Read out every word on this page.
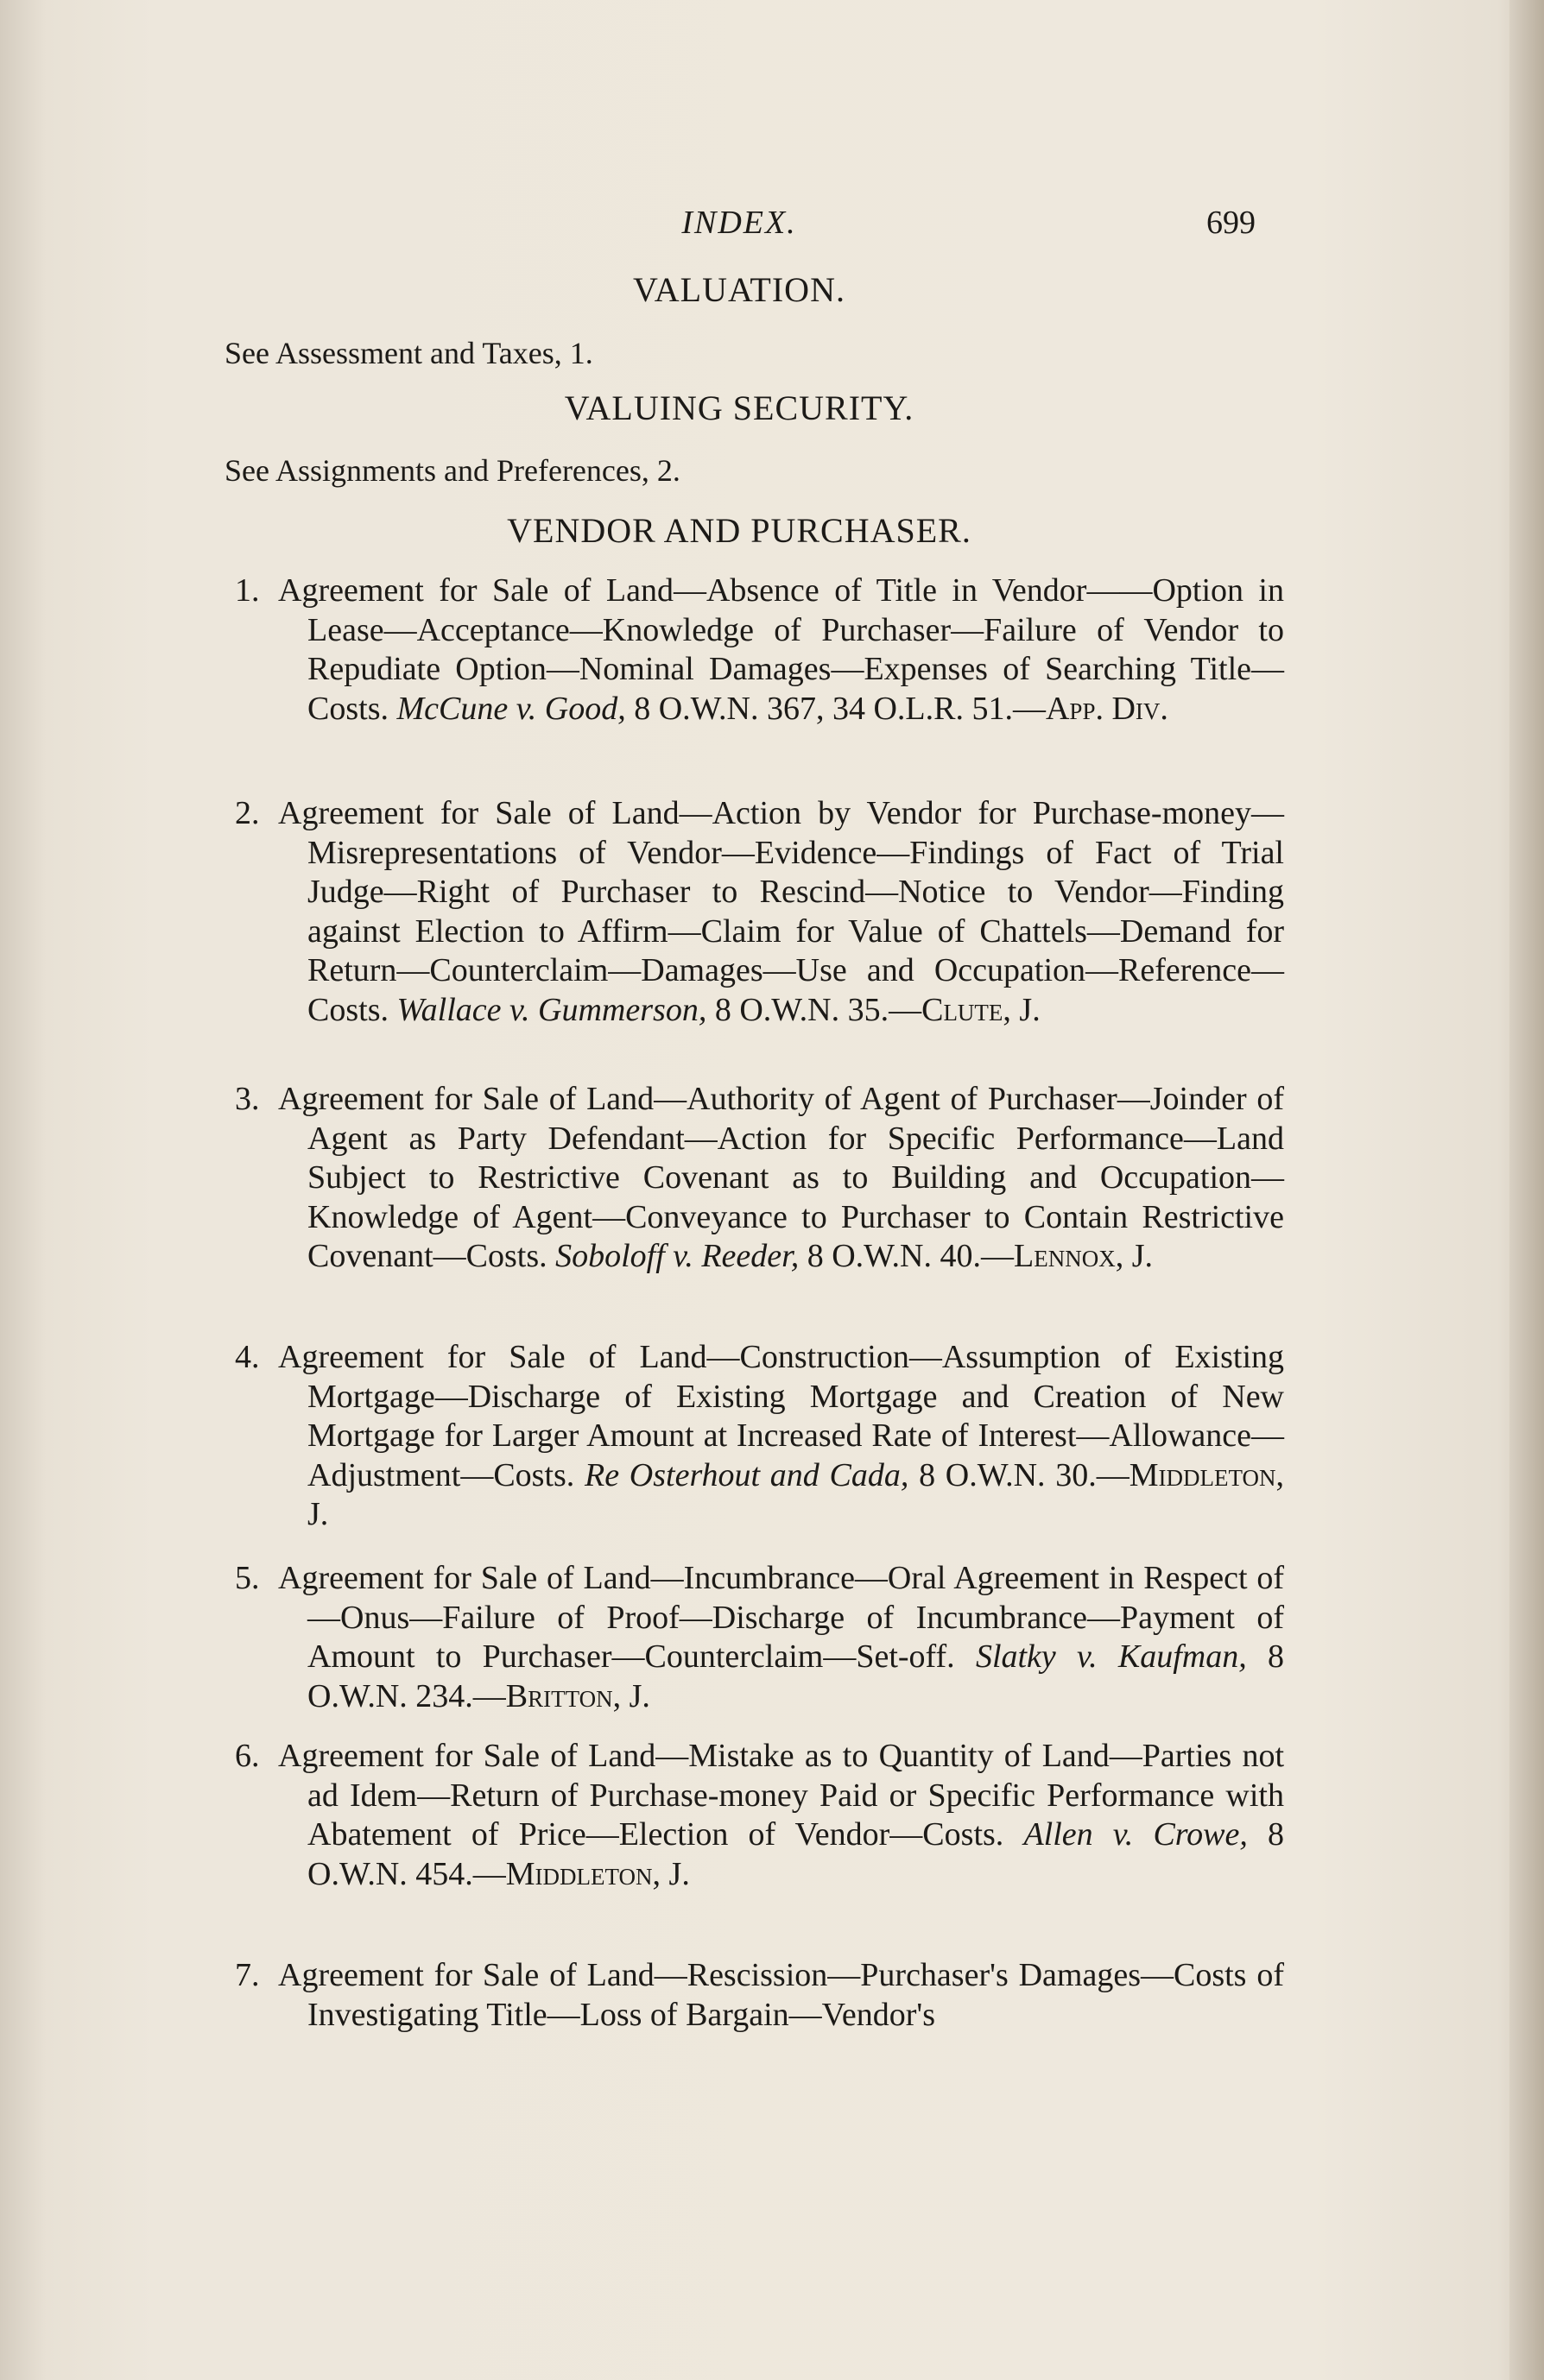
INDEX.	699
VALUATION.
See Assessment and Taxes, 1.
VALUING SECURITY.
See Assignments and Preferences, 2.
VENDOR AND PURCHASER.
1. Agreement for Sale of Land—Absence of Title in Vendor——Option in Lease—Acceptance—Knowledge of Purchaser—Failure of Vendor to Repudiate Option—Nominal Damages—Expenses of Searching Title—Costs. McCune v. Good, 8 O.W.N. 367, 34 O.L.R. 51.—App. Div.
2. Agreement for Sale of Land—Action by Vendor for Purchase-money—Misrepresentations of Vendor—Evidence—Findings of Fact of Trial Judge—Right of Purchaser to Rescind—Notice to Vendor—Finding against Election to Affirm—Claim for Value of Chattels—Demand for Return—Counterclaim—Damages—Use and Occupation—Reference—Costs. Wallace v. Gummerson, 8 O.W.N. 35.—Clute, J.
3. Agreement for Sale of Land—Authority of Agent of Purchaser—Joinder of Agent as Party Defendant—Action for Specific Performance—Land Subject to Restrictive Covenant as to Building and Occupation—Knowledge of Agent—Conveyance to Purchaser to Contain Restrictive Covenant—Costs. Soboloff v. Reeder, 8 O.W.N. 40.—Lennox, J.
4. Agreement for Sale of Land—Construction—Assumption of Existing Mortgage—Discharge of Existing Mortgage and Creation of New Mortgage for Larger Amount at Increased Rate of Interest—Allowance—Adjustment—Costs. Re Osterhout and Cada, 8 O.W.N. 30.—Middleton, J.
5. Agreement for Sale of Land—Incumbrance—Oral Agreement in Respect of—Onus—Failure of Proof—Discharge of Incumbrance—Payment of Amount to Purchaser—Counterclaim—Set-off. Slatky v. Kaufman, 8 O.W.N. 234.—Britton, J.
6. Agreement for Sale of Land—Mistake as to Quantity of Land—Parties not ad Idem—Return of Purchase-money Paid or Specific Performance with Abatement of Price—Election of Vendor—Costs. Allen v. Crowe, 8 O.W.N. 454.—Middleton, J.
7. Agreement for Sale of Land—Rescission—Purchaser's Damages—Costs of Investigating Title—Loss of Bargain—Vendor's
